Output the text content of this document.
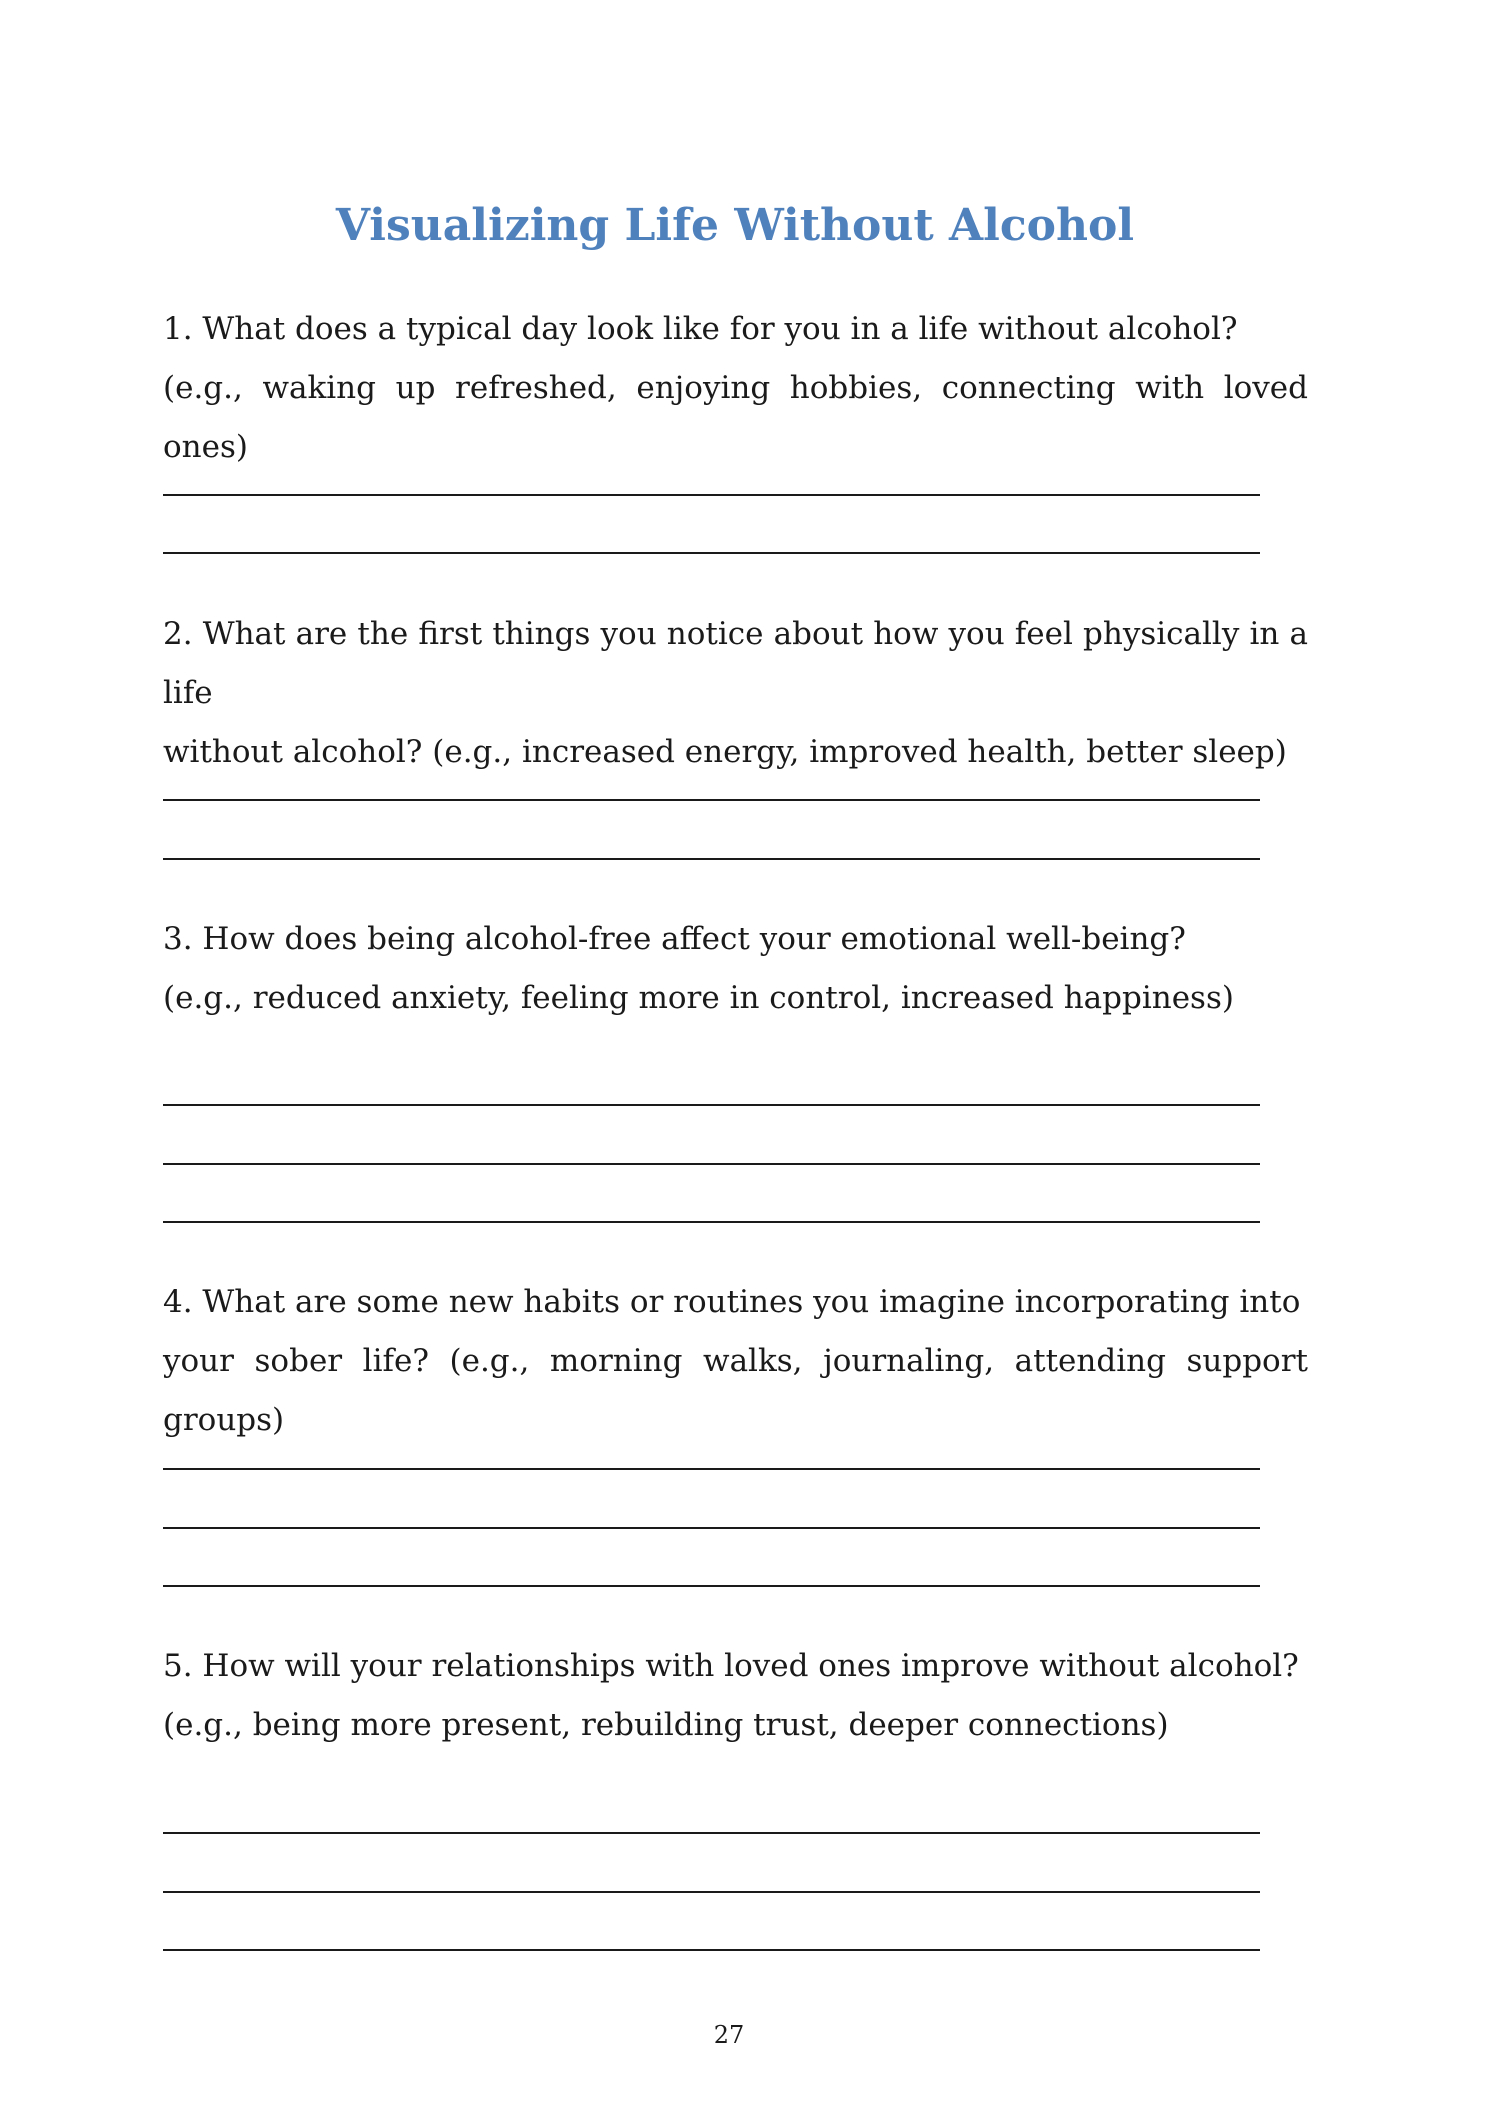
Visualizing Life Without Alcohol
1. What does a typical day look like for you in a life without alcohol?
(e.g., waking up refreshed, enjoying hobbies, connecting with loved ones)
2. What are the first things you notice about how you feel physically in a life
without alcohol? (e.g., increased energy, improved health, better sleep)
3. How does being alcohol-free affect your emotional well-being?
(e.g., reduced anxiety, feeling more in control, increased happiness)
4. What are some new habits or routines you imagine incorporating into
your sober life? (e.g., morning walks, journaling, attending support groups)
5. How will your relationships with loved ones improve without alcohol?
(e.g., being more present, rebuilding trust, deeper connections)
27
